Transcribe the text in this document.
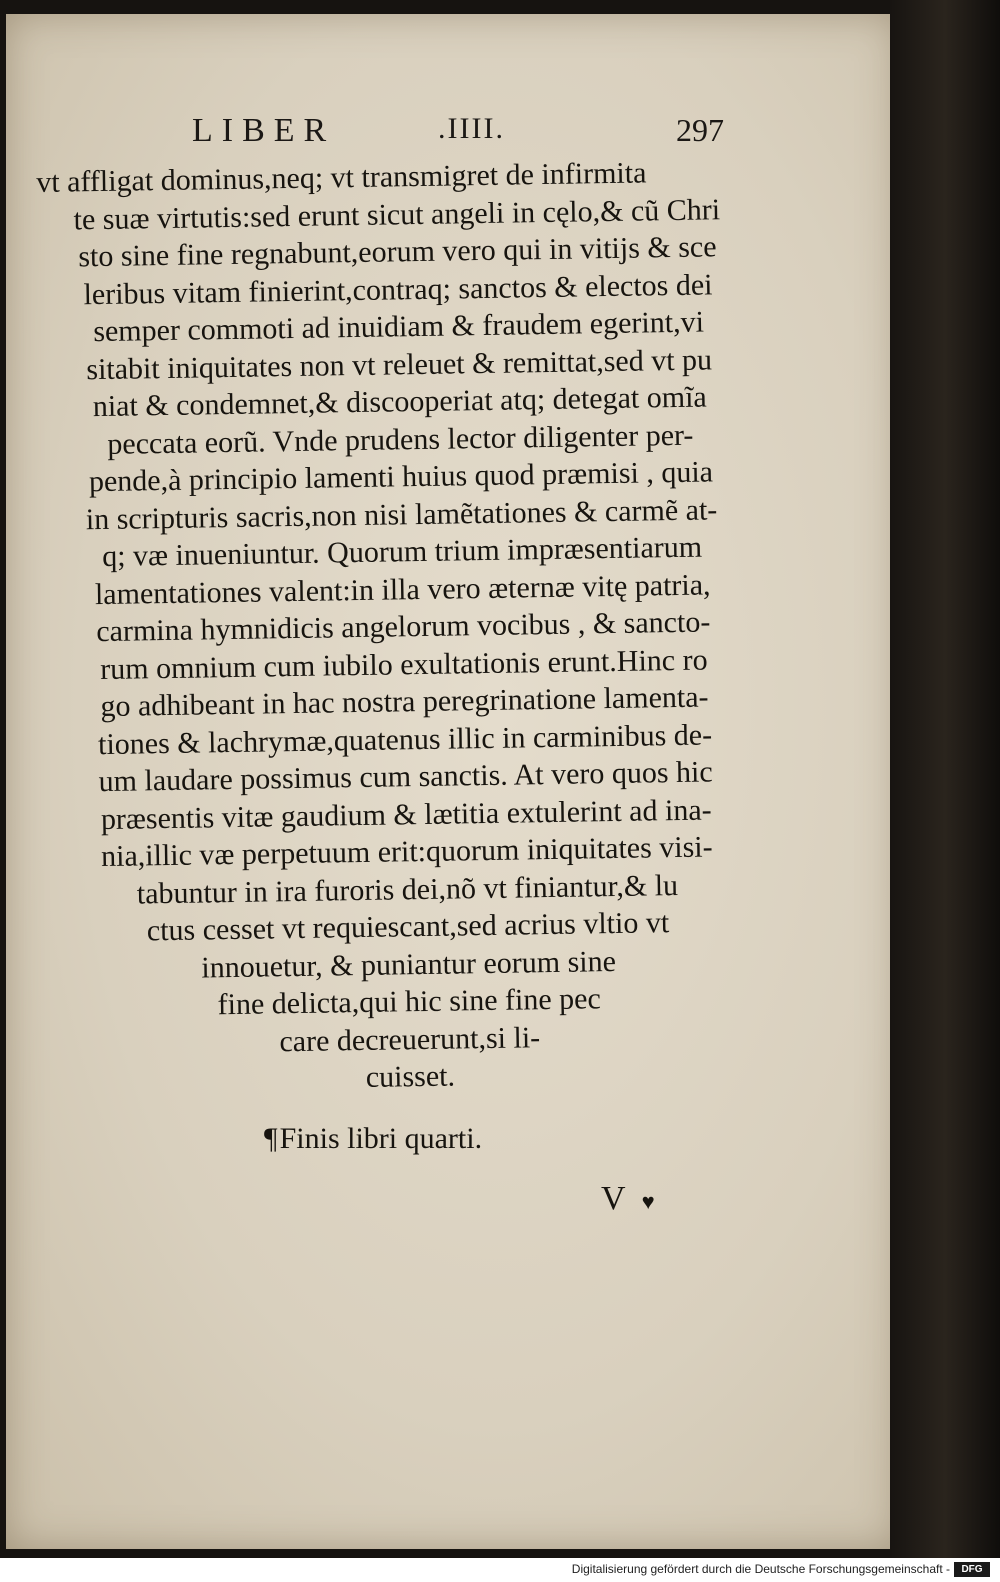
LIBER	.IIII.	297
vt affligat dominus,neq; vt transmigret de infirmita
te suæ virtutis:sed erunt sicut angeli in cęlo,& cũ Chri
sto sine fine regnabunt,eorum vero qui in vitijs & sce
leribus vitam finierint,contraq; sanctos & electos dei
semper commoti ad inuidiam & fraudem egerint,vi
sitabit iniquitates non vt releuet & remittat,sed vt pu
niat & condemnet,& discooperiat atq; detegat omĩa
peccata eorũ. Vnde prudens lector diligenter per-
pende,à principio lamenti huius quod præmisi , quia
in scripturis sacris,non nisi lamẽtationes & carmẽ at-
q; væ inueniuntur. Quorum trium impræsentiarum
lamentationes valent:in illa vero æternæ vitę patria,
carmina hymnidicis angelorum vocibus , & sancto-
rum omnium cum iubilo exultationis erunt.Hinc ro
go adhibeant in hac nostra peregrinatione lamenta-
tiones & lachrymæ,quatenus illic in carminibus de-
um laudare possimus cum sanctis. At vero quos hic
præsentis vitæ gaudium & lætitia extulerint ad ina-
nia,illic væ perpetuum erit:quorum iniquitates visi-
tabuntur in ira furoris dei,nõ vt finiantur,& lu
ctus cesset vt requiescant,sed acrius vltio vt
innouetur, & puniantur eorum sine
fine delicta,qui hic sine fine pec
care decreuerunt,si li-
cuisset.
¶Finis libri quarti.
V ♥
Digitalisierung gefördert durch die Deutsche Forschungsgemeinschaft -	DFG
